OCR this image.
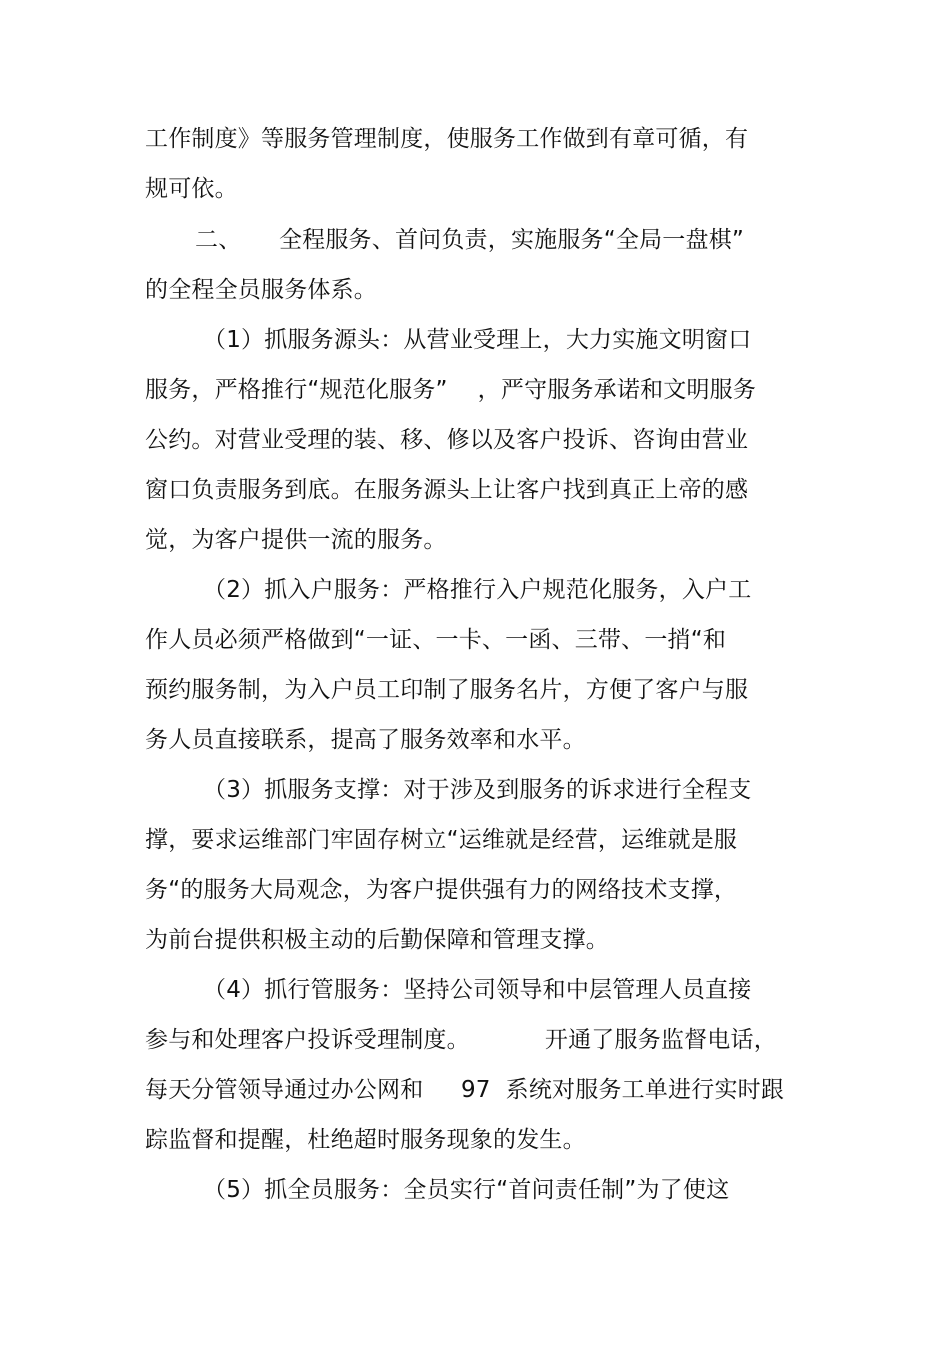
工作制度》等服务管理制度，使服务工作做到有章可循，有
规可依。
二、     全程服务、首问负责，实施服务“全局一盘棋”
的全程全员服务体系。
（1）抓服务源头：从营业受理上，大力实施文明窗口
服务，严格推行“规范化服务”    ，严守服务承诺和文明服务
公约。对营业受理的装、移、修以及客户投诉、咨询由营业
窗口负责服务到底。在服务源头上让客户找到真正上帝的感
觉，为客户提供一流的服务。
（2）抓入户服务：严格推行入户规范化服务，入户工
作人员必须严格做到“一证、一卡、一函、三带、一捎“和
预约服务制，为入户员工印制了服务名片，方便了客户与服
务人员直接联系，提高了服务效率和水平。
（3）抓服务支撑：对于涉及到服务的诉求进行全程支
撑，要求运维部门牢固存树立“运维就是经营，运维就是服
务“的服务大局观念，为客户提供强有力的网络技术支撑，
为前台提供积极主动的后勤保障和管理支撑。
（4）抓行管服务：坚持公司领导和中层管理人员直接
参与和处理客户投诉受理制度。          开通了服务监督电话，
每天分管领导通过办公网和     97  系统对服务工单进行实时跟
踪监督和提醒，杜绝超时服务现象的发生。
（5）抓全员服务：全员实行“首问责任制”为了使这
